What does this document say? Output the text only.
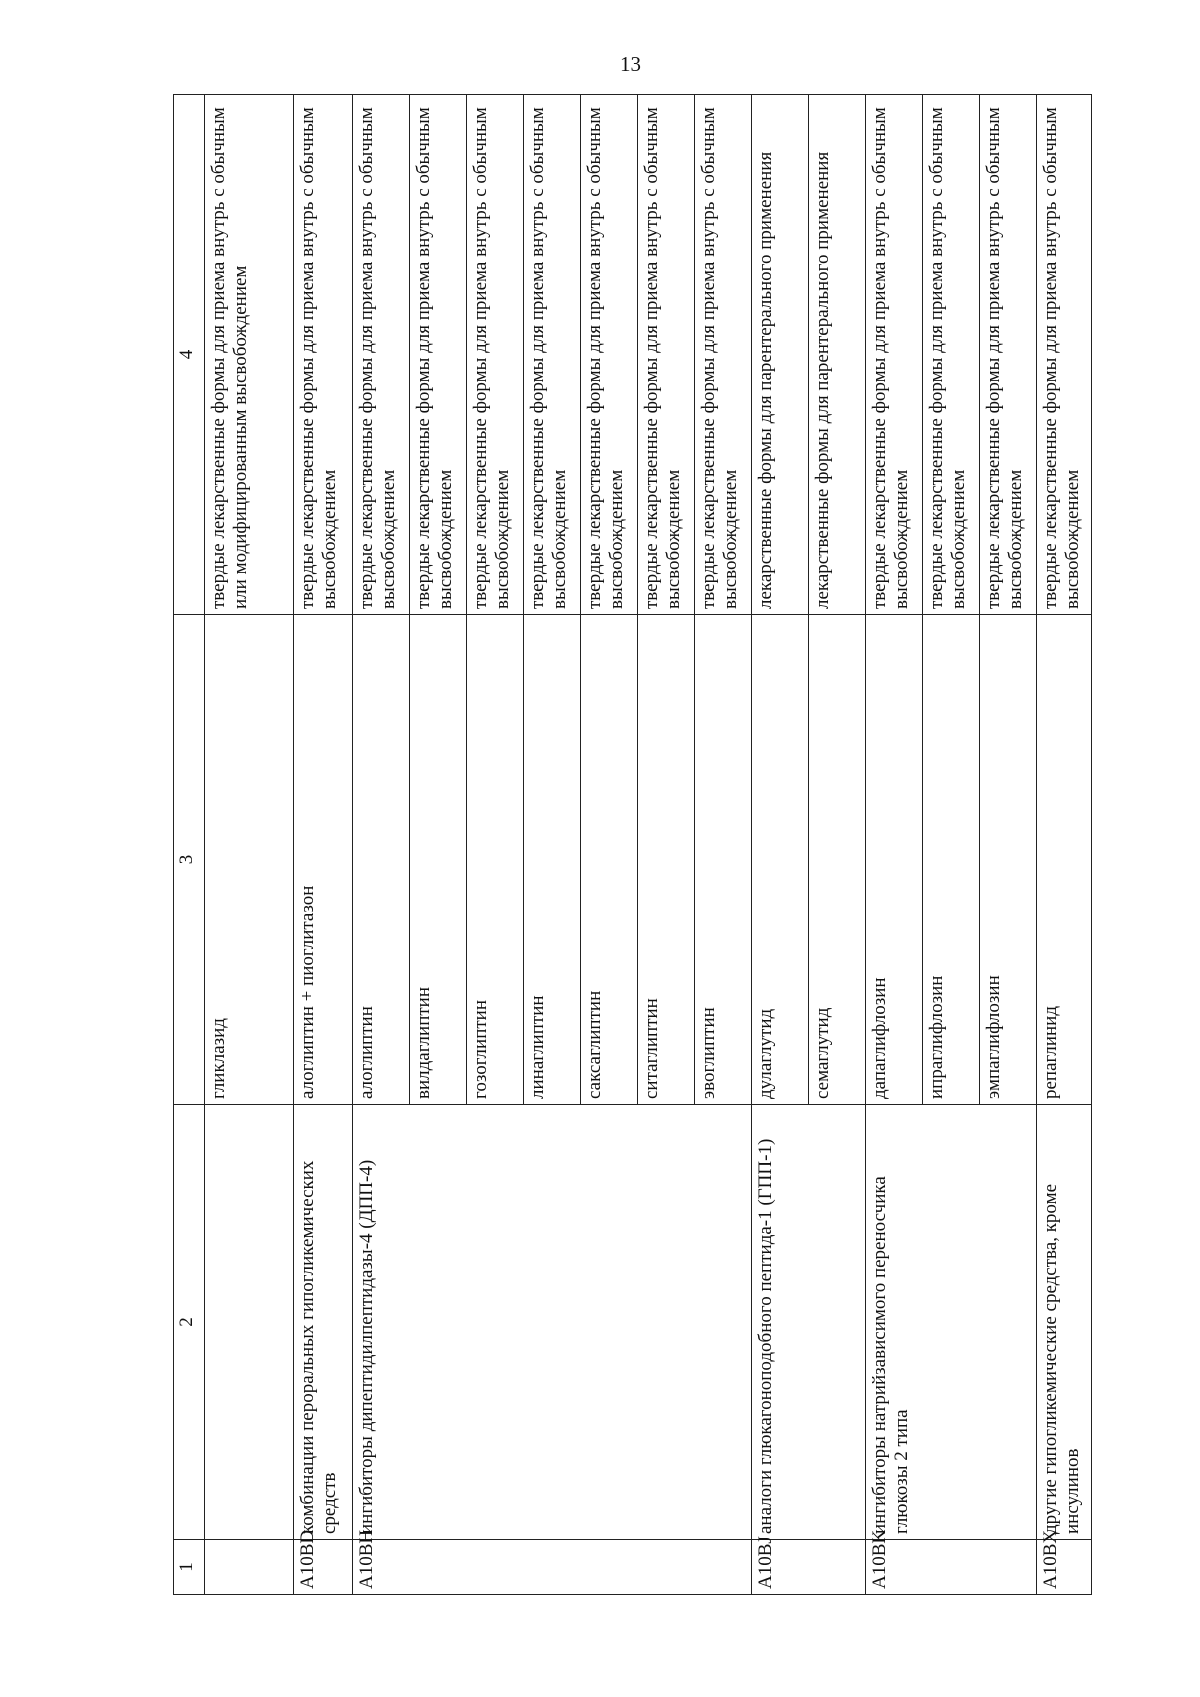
13
1	2	3	4
		гликлазид	твердые лекарственные формы для приема внутрь с обычным или модифицированным высвобождением
A10BD	комбинации пероральных гипогликемических средств	алоглиптин + пиоглитазон	твердые лекарственные формы для приема внутрь с обычным высвобождением
A10BH	ингибиторы дипептидилпептидазы-4 (ДПП-4)	алоглиптин	твердые лекарственные формы для приема внутрь с обычным высвобождением
		вилдаглиптин	твердые лекарственные формы для приема внутрь с обычным высвобождением
		гозоглиптин	твердые лекарственные формы для приема внутрь с обычным высвобождением
		линаглиптин	твердые лекарственные формы для приема внутрь с обычным высвобождением
		саксаглиптин	твердые лекарственные формы для приема внутрь с обычным высвобождением
		ситаглиптин	твердые лекарственные формы для приема внутрь с обычным высвобождением
		эвоглиптин	твердые лекарственные формы для приема внутрь с обычным высвобождением
A10BJ	аналоги глюкагоноподобного пептида-1 (ГПП-1)	дулаглутид	лекарственные формы для парентерального применения
		семаглутид	лекарственные формы для парентерального применения
A10BK	ингибиторы натрийзависимого переносчика глюкозы 2 типа	дапаглифлозин	твердые лекарственные формы для приема внутрь с обычным высвобождением
		ипраглифлозин	твердые лекарственные формы для приема внутрь с обычным высвобождением
		эмпаглифлозин	твердые лекарственные формы для приема внутрь с обычным высвобождением
A10BX	другие гипогликемические средства, кроме инсулинов	репаглинид	твердые лекарственные формы для приема внутрь с обычным высвобождением
